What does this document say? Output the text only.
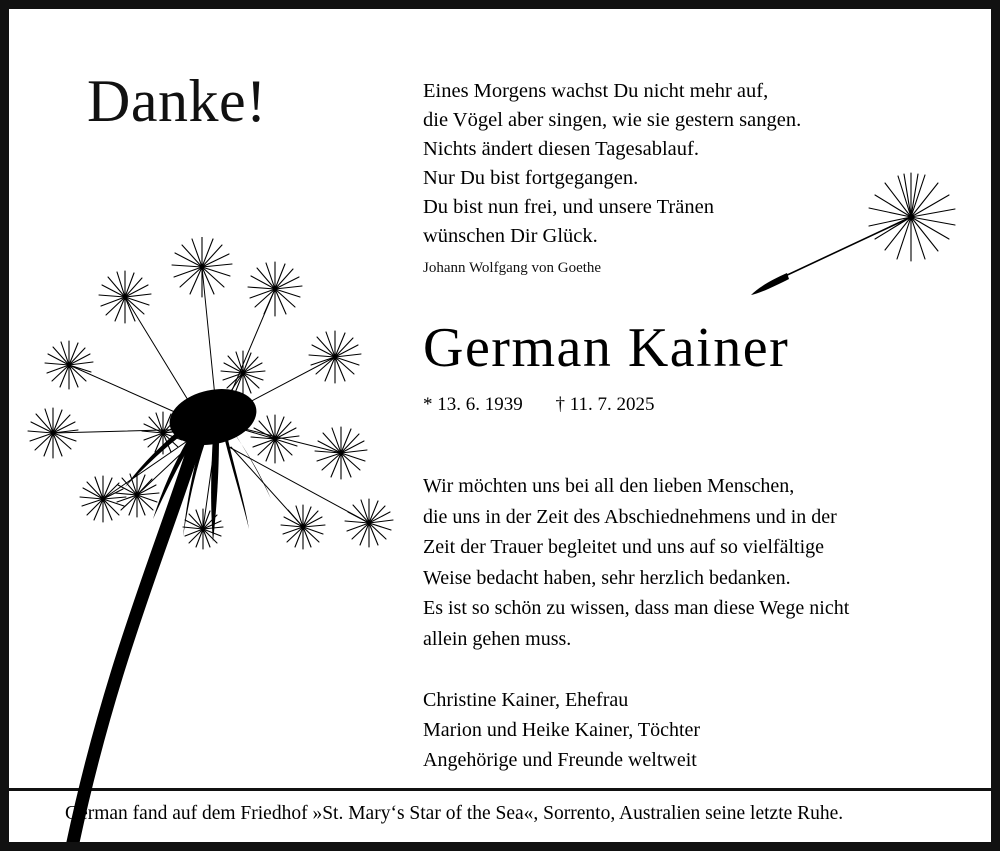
Danke!	Eines Morgens wachst Du nicht mehr auf,
die Vögel aber singen, wie sie gestern sangen.
Nichts ändert diesen Tagesablauf.
Nur Du bist fortgegangen.
Du bist nun frei, und unsere Tränen
wünschen Dir Glück.
Johann Wolfgang von Goethe
German Kainer
* 13. 6. 1939 † 11. 7. 2025
Wir möchten uns bei all den lieben Menschen,
die uns in der Zeit des Abschiednehmens und in der
Zeit der Trauer begleitet und uns auf so vielfältige
Weise bedacht haben, sehr herzlich bedanken.
Es ist so schön zu wissen, dass man diese Wege nicht
allein gehen muss.
Christine Kainer, Ehefrau
Marion und Heike Kainer, Töchter
Angehörige und Freunde weltweit
German fand auf dem Friedhof »St. Mary‘s Star of the Sea«, Sorrento, Australien seine letzte Ruhe.
